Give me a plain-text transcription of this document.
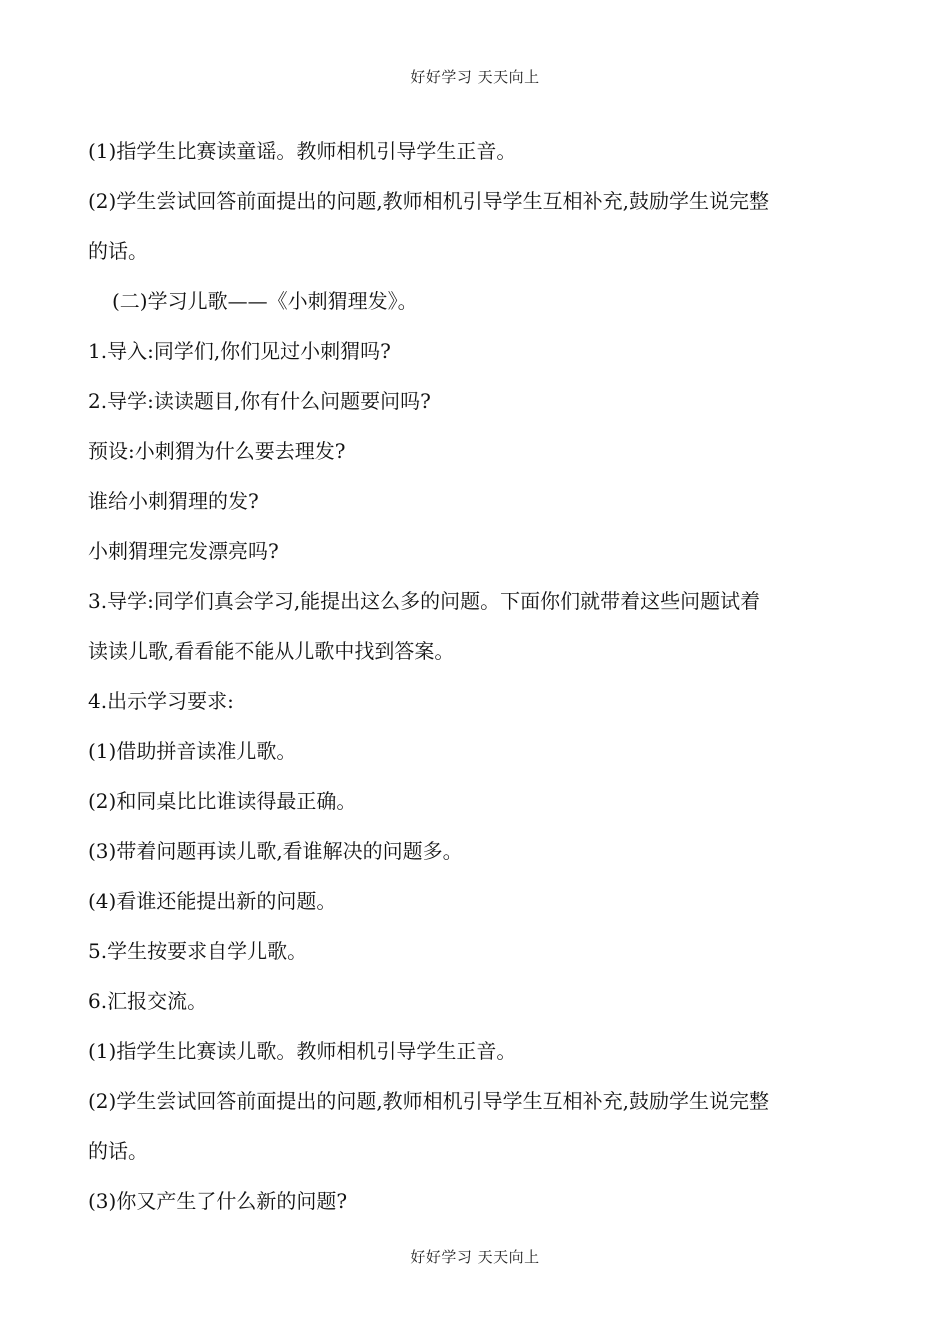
好好学习 天天向上

(1)指学生比赛读童谣。教师相机引导学生正音。

(2)学生尝试回答前面提出的问题,教师相机引导学生互相补充,鼓励学生说完整

的话。

(二)学习儿歌——《小刺猬理发》。

1.导入:同学们,你们见过小刺猬吗?

2.导学:读读题目,你有什么问题要问吗?

预设:小刺猬为什么要去理发?

谁给小刺猬理的发?

小刺猬理完发漂亮吗?

3.导学:同学们真会学习,能提出这么多的问题。下面你们就带着这些问题试着

读读儿歌,看看能不能从儿歌中找到答案。

4.出示学习要求:

(1)借助拼音读准儿歌。

(2)和同桌比比谁读得最正确。

(3)带着问题再读儿歌,看谁解决的问题多。

(4)看谁还能提出新的问题。

5.学生按要求自学儿歌。

6.汇报交流。

(1)指学生比赛读儿歌。教师相机引导学生正音。

(2)学生尝试回答前面提出的问题,教师相机引导学生互相补充,鼓励学生说完整

的话。

(3)你又产生了什么新的问题?

好好学习 天天向上
